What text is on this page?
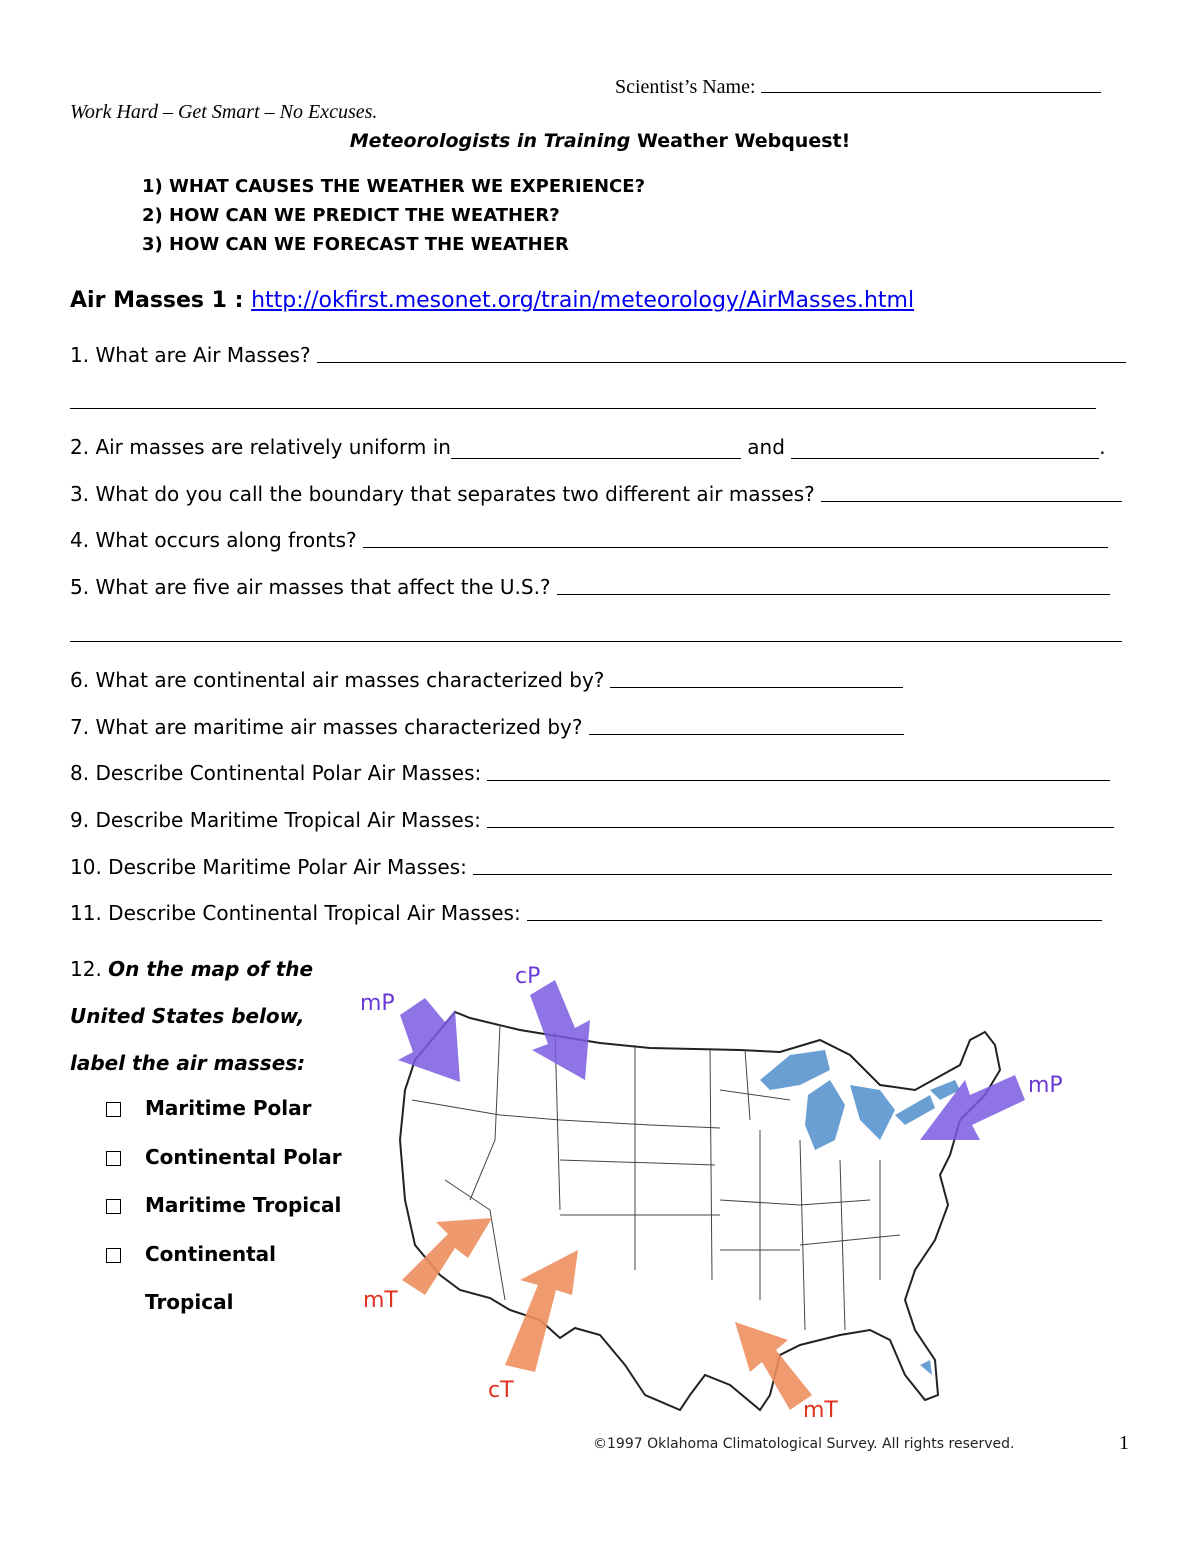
Scientist’s Name:
Work Hard – Get Smart – No Excuses.
Meteorologists in Training Weather Webquest!
1) WHAT CAUSES THE WEATHER WE EXPERIENCE?
2) HOW CAN WE PREDICT THE WEATHER?
3) HOW CAN WE FORECAST THE WEATHER
Air Masses 1 : http://okfirst.mesonet.org/train/meteorology/AirMasses.html
1. What are Air Masses?
2. Air masses are relatively uniform in	and	.
3. What do you call the boundary that separates two different air masses?
4. What occurs along fronts?
5. What are five air masses that affect the U.S.?
6. What are continental air masses characterized by?
7. What are maritime air masses characterized by?
8. Describe Continental Polar Air Masses:
9. Describe Maritime Tropical Air Masses:
10. Describe Maritime Polar Air Masses:
11. Describe Continental Tropical Air Masses:
12. On the map of the
United States below,
label the air masses:
Maritime Polar
Continental Polar
Maritime Tropical
Continental
Tropical
mP
cP
mP
mT
cT
mT
©1997 Oklahoma Climatological Survey. All rights reserved.	1
